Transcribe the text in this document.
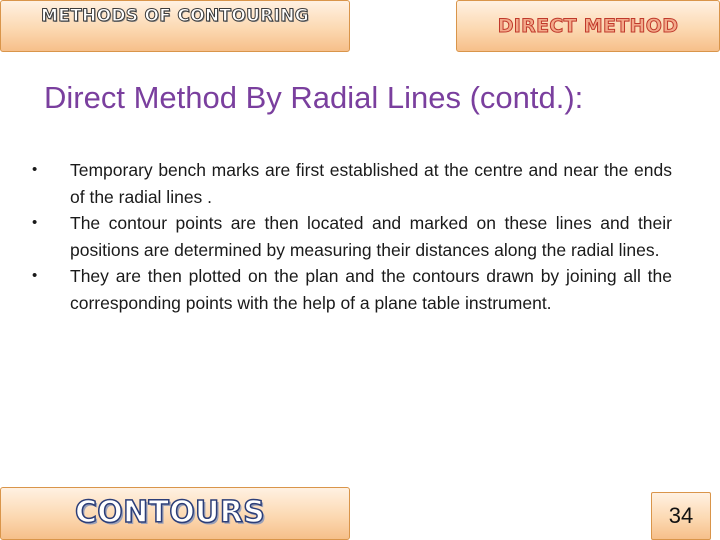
METHODS OF CONTOURING	DIRECT METHOD
Direct Method By Radial Lines (contd.):
• Temporary bench marks are first established at the centre and near the ends of the radial lines .
• The contour points are then located and marked on these lines and their positions are determined by measuring their distances along the radial lines.
• They are then plotted on the plan and the contours drawn by joining all the corresponding points with the help of a plane table instrument.
CONTOURS	34
